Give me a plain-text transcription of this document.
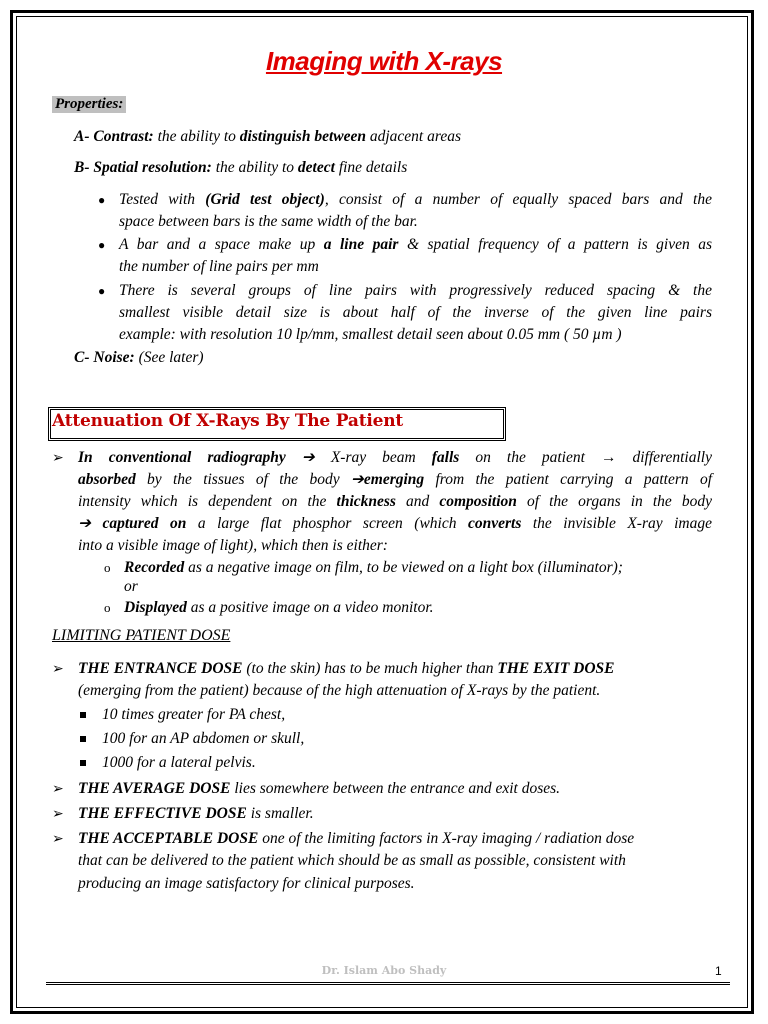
Imaging with X-rays
Properties:
A- Contrast: the ability to distinguish between adjacent areas
B- Spatial resolution: the ability to detect fine details
● Tested with (Grid test object), consist of a number of equally spaced bars and the
space between bars is the same width of the bar.
● A bar and a space make up a line pair & spatial frequency of a pattern is given as
the number of line pairs per mm
● There is several groups of line pairs with progressively reduced spacing & the
smallest visible detail size is about half of the inverse of the given line pairs
example: with resolution 10 lp/mm, smallest detail seen about 0.05 mm ( 50 µm )
C- Noise: (See later)
Attenuation Of X-Rays By The Patient
➢ In conventional radiography ➔ X-ray beam falls on the patient → differentially
absorbed by the tissues of the body ➔emerging from the patient carrying a pattern of
intensity which is dependent on the thickness and composition of the organs in the body
➔ captured on a large flat phosphor screen (which converts the invisible X-ray image
into a visible image of light), which then is either:
o Recorded as a negative image on film, to be viewed on a light box (illuminator);
or
o Displayed as a positive image on a video monitor.
LIMITING PATIENT DOSE
➢ THE ENTRANCE DOSE (to the skin) has to be much higher than THE EXIT DOSE
(emerging from the patient) because of the high attenuation of X-rays by the patient.
10 times greater for PA chest,
100 for an AP abdomen or skull,
1000 for a lateral pelvis.
➢ THE AVERAGE DOSE lies somewhere between the entrance and exit doses.
➢ THE EFFECTIVE DOSE is smaller.
➢ THE ACCEPTABLE DOSE one of the limiting factors in X-ray imaging / radiation dose
that can be delivered to the patient which should be as small as possible, consistent with
producing an image satisfactory for clinical purposes.
Dr. Islam Abo Shady	1
